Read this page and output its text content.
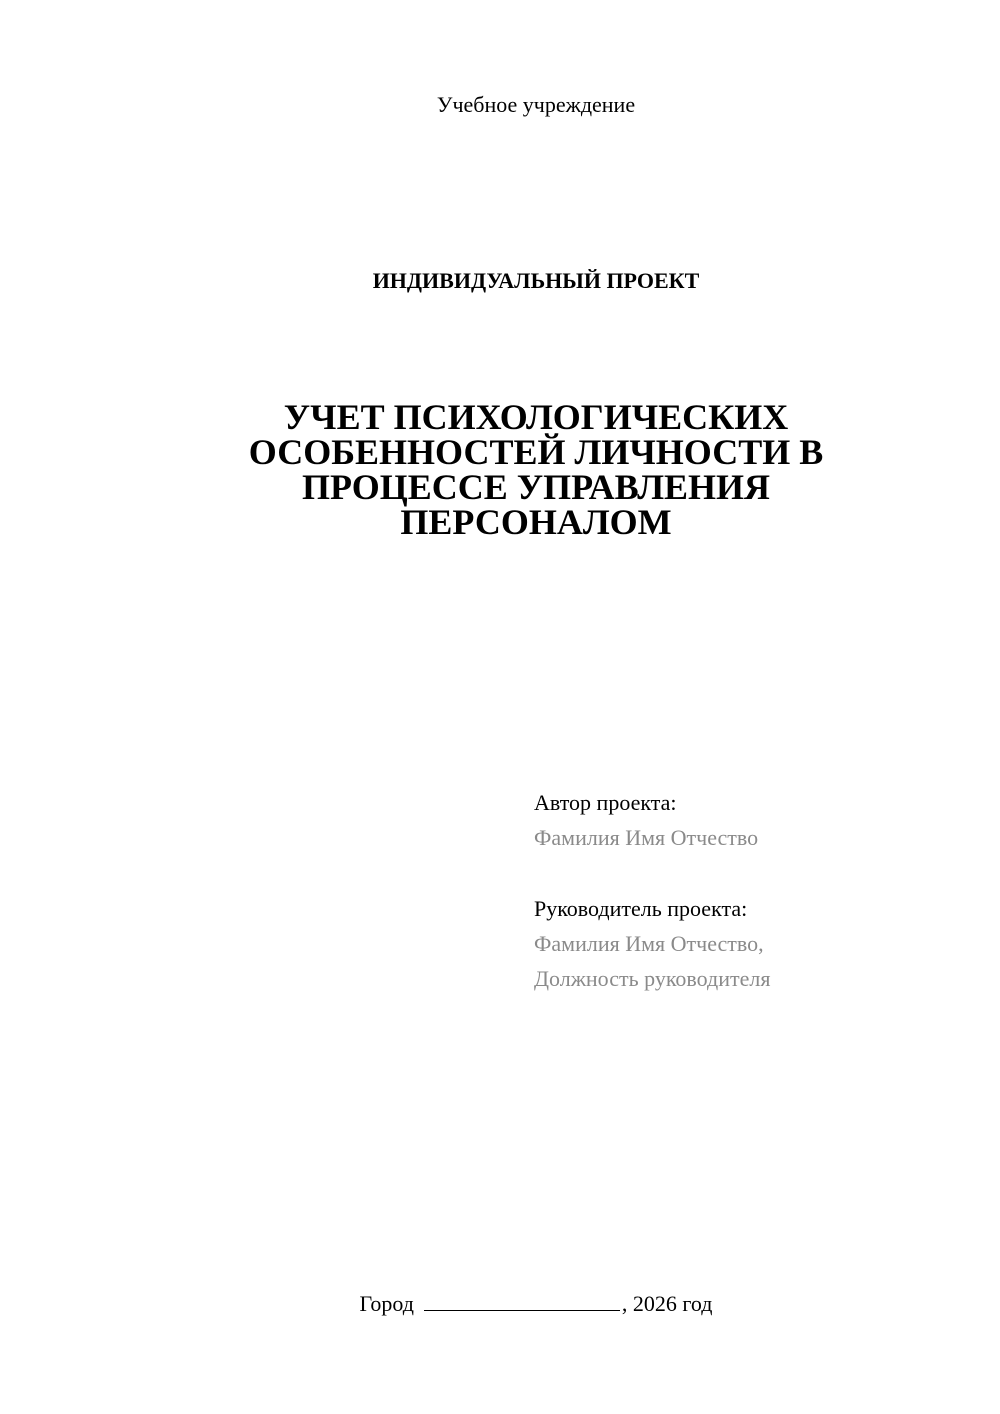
Учебное учреждение
ИНДИВИДУАЛЬНЫЙ ПРОЕКТ
УЧЕТ ПСИХОЛОГИЧЕСКИХ
ОСОБЕННОСТЕЙ ЛИЧНОСТИ В
ПРОЦЕССЕ УПРАВЛЕНИЯ
ПЕРСОНАЛОМ
Автор проекта:
Фамилия Имя Отчество
Руководитель проекта:
Фамилия Имя Отчество,
Должность руководителя
Город	, 2026 год
